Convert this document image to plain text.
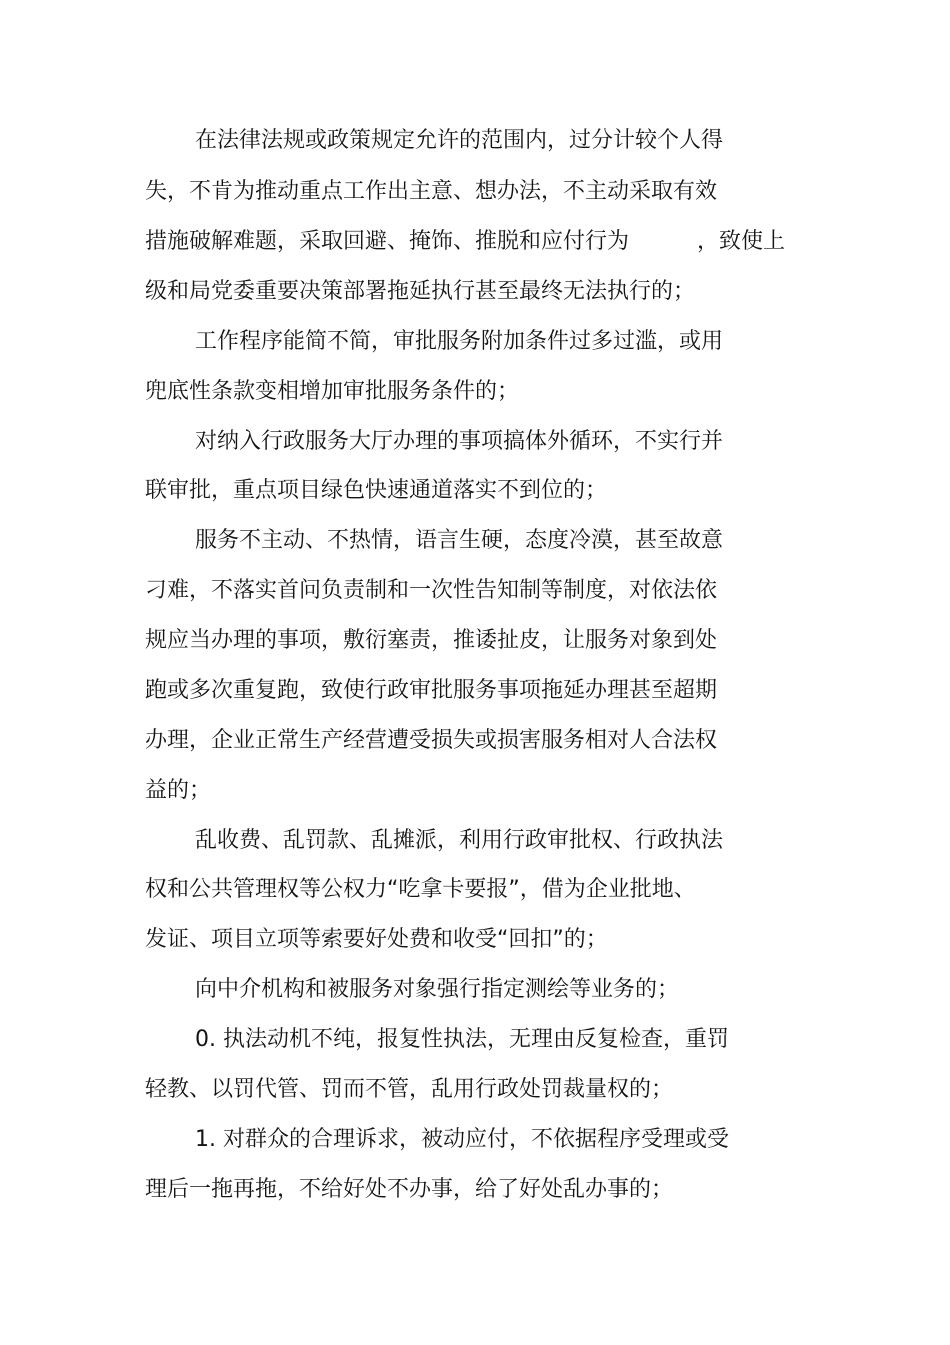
在法律法规或政策规定允许的范围内，过分计较个人得
失，不肯为推动重点工作出主意、想办法，不主动采取有效
措施破解难题，采取回避、掩饰、推脱和应付行为	，致使上
级和局党委重要决策部署拖延执行甚至最终无法执行的；
工作程序能简不简，审批服务附加条件过多过滥，或用
兜底性条款变相增加审批服务条件的；
对纳入行政服务大厅办理的事项搞体外循环，不实行并
联审批，重点项目绿色快速通道落实不到位的；
服务不主动、不热情，语言生硬，态度冷漠，甚至故意
刁难，不落实首问负责制和一次性告知制等制度，对依法依
规应当办理的事项，敷衍塞责，推诿扯皮，让服务对象到处
跑或多次重复跑，致使行政审批服务事项拖延办理甚至超期
办理，企业正常生产经营遭受损失或损害服务相对人合法权
益的；
乱收费、乱罚款、乱摊派，利用行政审批权、行政执法
权和公共管理权等公权力“吃拿卡要报”，借为企业批地、
发证、项目立项等索要好处费和收受“回扣”的；
向中介机构和被服务对象强行指定测绘等业务的；
0. 执法动机不纯，报复性执法，无理由反复检查，重罚
轻教、以罚代管、罚而不管，乱用行政处罚裁量权的；
1. 对群众的合理诉求，被动应付，不依据程序受理或受
理后一拖再拖，不给好处不办事，给了好处乱办事的；
